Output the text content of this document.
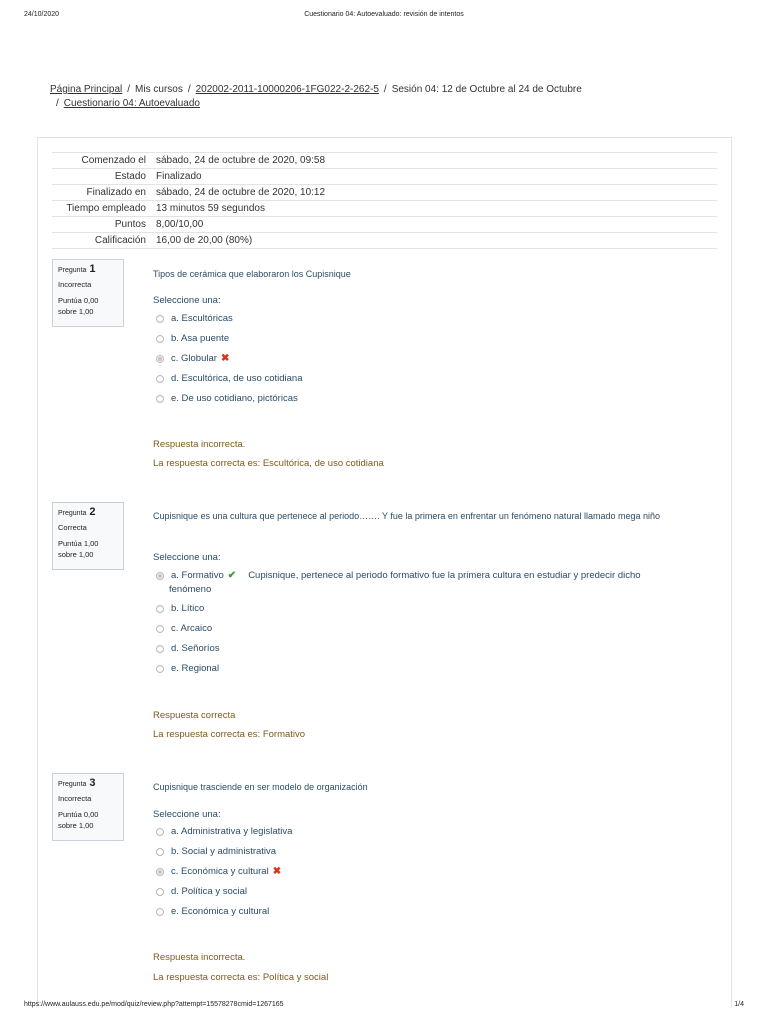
24/10/2020	Cuestionario 04: Autoevaluado: revisión de intentos
Página Principal / Mis cursos / 202002-2011-10000206-1FG022-2-262-5 / Sesión 04: 12 de Octubre al 24 de Octubre
/ Cuestionario 04: Autoevaluado
Comenzado el	sábado, 24 de octubre de 2020, 09:58
Estado	Finalizado
Finalizado en	sábado, 24 de octubre de 2020, 10:12
Tiempo empleado	13 minutos 59 segundos
Puntos	8,00/10,00
Calificación	16,00 de 20,00 (80%)
Pregunta 1
Incorrecta
Puntúa 0,00
sobre 1,00
Tipos de cerámica que elaboraron los Cupisnique
Seleccione una:
a. Escultóricas
b. Asa puente
c. Globular ✖
d. Escultórica, de uso cotidiana
e. De uso cotidiano, pictóricas
Respuesta incorrecta.
La respuesta correcta es: Escultórica, de uso cotidiana
Pregunta 2
Correcta
Puntúa 1,00
sobre 1,00
Cupisnique es una cultura que pertenece al periodo……. Y fue la primera en enfrentar un fenómeno natural llamado mega niño
Seleccione una:
a. Formativo ✔ Cupisnique, pertenece al periodo formativo fue la primera cultura en estudiar y predecir dicho
fenómeno
b. Lítico
c. Arcaico
d. Señoríos
e. Regional
Respuesta correcta
La respuesta correcta es: Formativo
Pregunta 3
Incorrecta
Puntúa 0,00
sobre 1,00
Cupisnique trasciende en ser modelo de organización
Seleccione una:
a. Administrativa y legislativa
b. Social y administrativa
c. Económica y cultural ✖
d. Política y social
e. Económica y cultural
Respuesta incorrecta.
La respuesta correcta es: Política y social
https://www.aulauss.edu.pe/mod/quiz/review.php?attempt=15578278cmid=1267165	1/4
